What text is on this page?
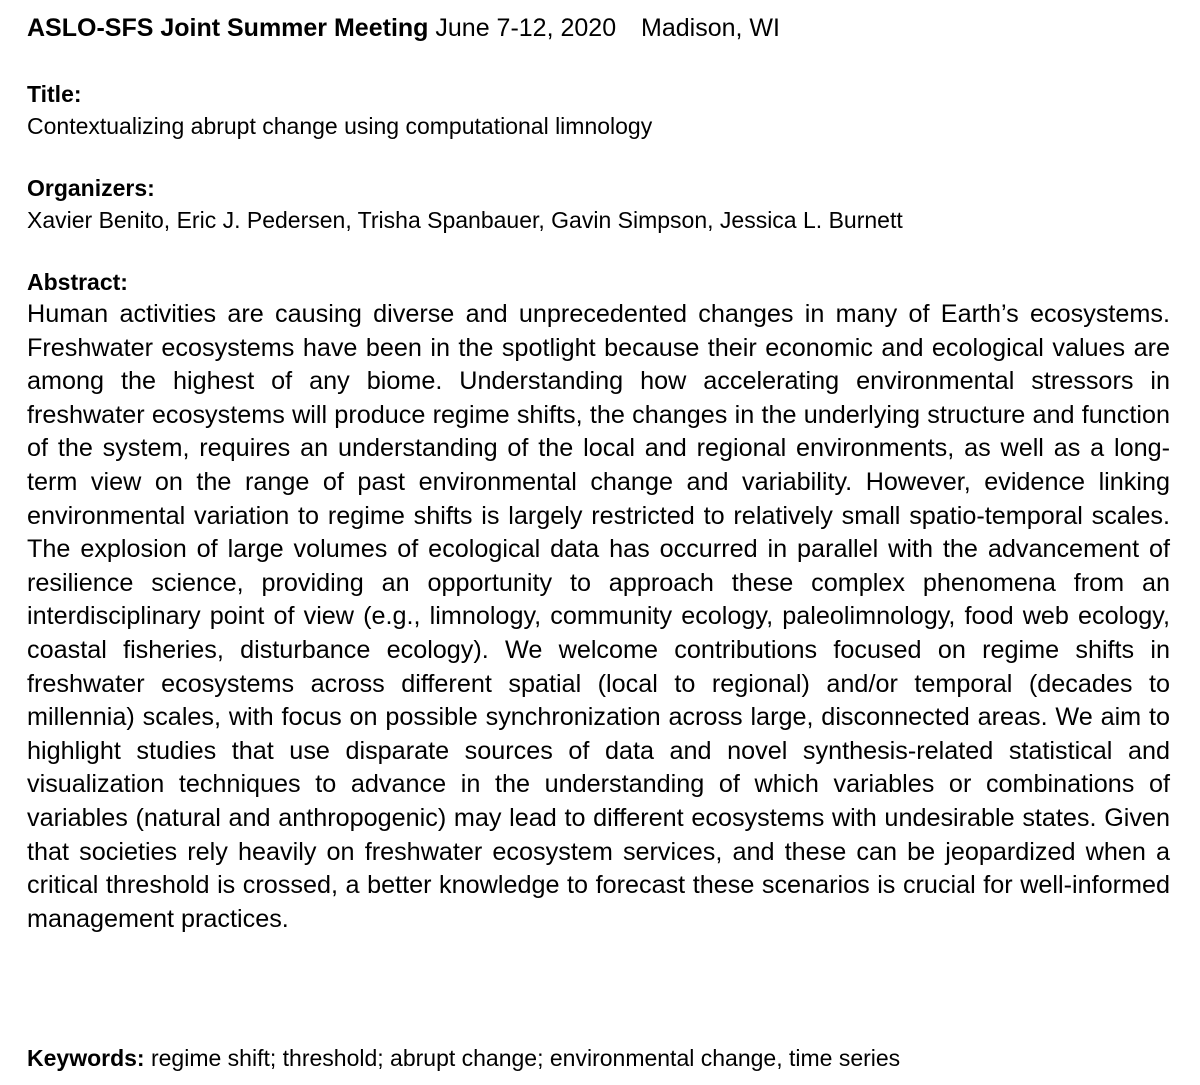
ASLO-SFS Joint Summer Meeting June 7-12, 2020 Madison, WI
Title:
Contextualizing abrupt change using computational limnology
Organizers:
Xavier Benito, Eric J. Pedersen, Trisha Spanbauer, Gavin Simpson, Jessica L. Burnett
Abstract:

Human activities are causing diverse and unprecedented changes in many of Earth’s ecosystems. Freshwater ecosystems have been in the spotlight because their economic and ecological values are among the highest of any biome. Understanding how accelerating environmental stressors in freshwater ecosystems will produce regime shifts, the changes in the underlying structure and function of the system, requires an understanding of the local and regional environments, as well as a long-term view on the range of past environmental change and variability. However, evidence linking environmental variation to regime shifts is largely restricted to relatively small spatio-temporal scales. The explosion of large volumes of ecological data has occurred in parallel with the advancement of resilience science, providing an opportunity to approach these complex phenomena from an interdisciplinary point of view (e.g., limnology, community ecology, paleolimnology, food web ecology, coastal fisheries, disturbance ecology). We welcome contributions focused on regime shifts in freshwater ecosystems across different spatial (local to regional) and/or temporal (decades to millennia) scales, with focus on possible synchronization across large, disconnected areas. We aim to highlight studies that use disparate sources of data and novel synthesis-related statistical and visualization techniques to advance in the understanding of which variables or combinations of variables (natural and anthropogenic) may lead to different ecosystems with undesirable states. Given that societies rely heavily on freshwater ecosystem services, and these can be jeopardized when a critical threshold is crossed, a better knowledge to forecast these scenarios is crucial for well-informed management practices.

Keywords: regime shift; threshold; abrupt change; environmental change, time series
